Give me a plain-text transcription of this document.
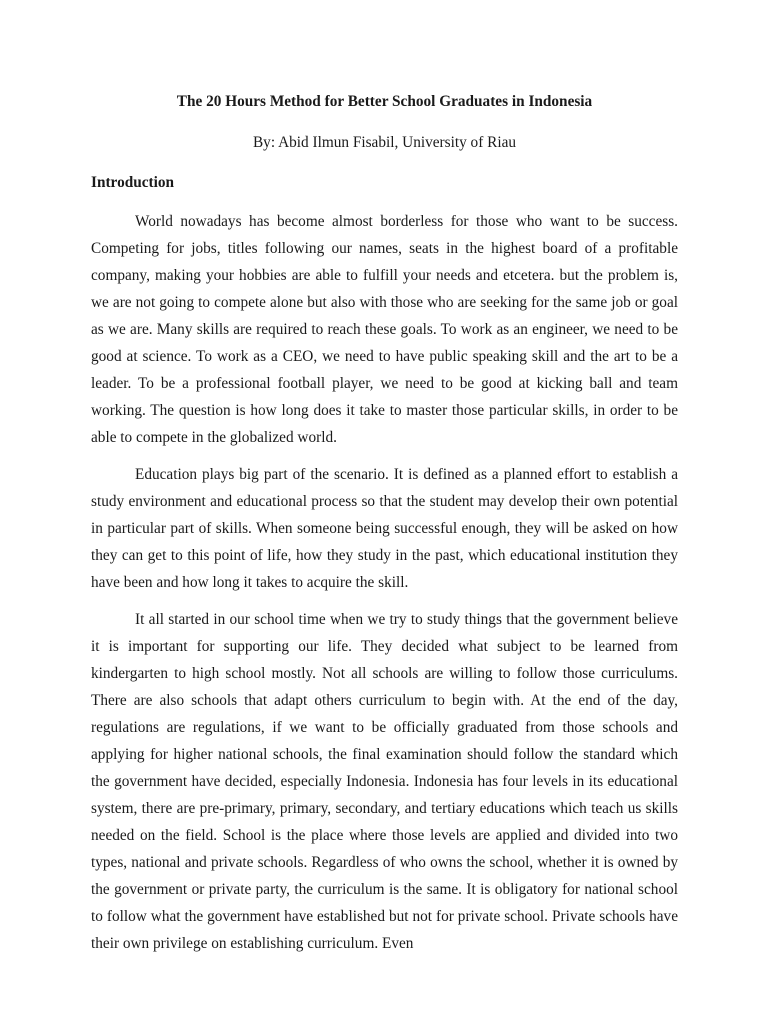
The 20 Hours Method for Better School Graduates in Indonesia
By: Abid Ilmun Fisabil, University of Riau
Introduction

World nowadays has become almost borderless for those who want to be success. Competing for jobs, titles following our names, seats in the highest board of a profitable company, making your hobbies are able to fulfill your needs and etcetera. but the problem is, we are not going to compete alone but also with those who are seeking for the same job or goal as we are. Many skills are required to reach these goals. To work as an engineer, we need to be good at science. To work as a CEO, we need to have public speaking skill and the art to be a leader. To be a professional football player, we need to be good at kicking ball and team working. The question is how long does it take to master those particular skills, in order to be able to compete in the globalized world.

Education plays big part of the scenario. It is defined as a planned effort to establish a study environment and educational process so that the student may develop their own potential in particular part of skills. When someone being successful enough, they will be asked on how they can get to this point of life, how they study in the past, which educational institution they have been and how long it takes to acquire the skill.

It all started in our school time when we try to study things that the government believe it is important for supporting our life. They decided what subject to be learned from kindergarten to high school mostly. Not all schools are willing to follow those curriculums. There are also schools that adapt others curriculum to begin with. At the end of the day, regulations are regulations, if we want to be officially graduated from those schools and applying for higher national schools, the final examination should follow the standard which the government have decided, especially Indonesia. Indonesia has four levels in its educational system, there are pre-primary, primary, secondary, and tertiary educations which teach us skills needed on the field. School is the place where those levels are applied and divided into two types, national and private schools. Regardless of who owns the school, whether it is owned by the government or private party, the curriculum is the same. It is obligatory for national school to follow what the government have established but not for private school. Private schools have their own privilege on establishing curriculum. Even
